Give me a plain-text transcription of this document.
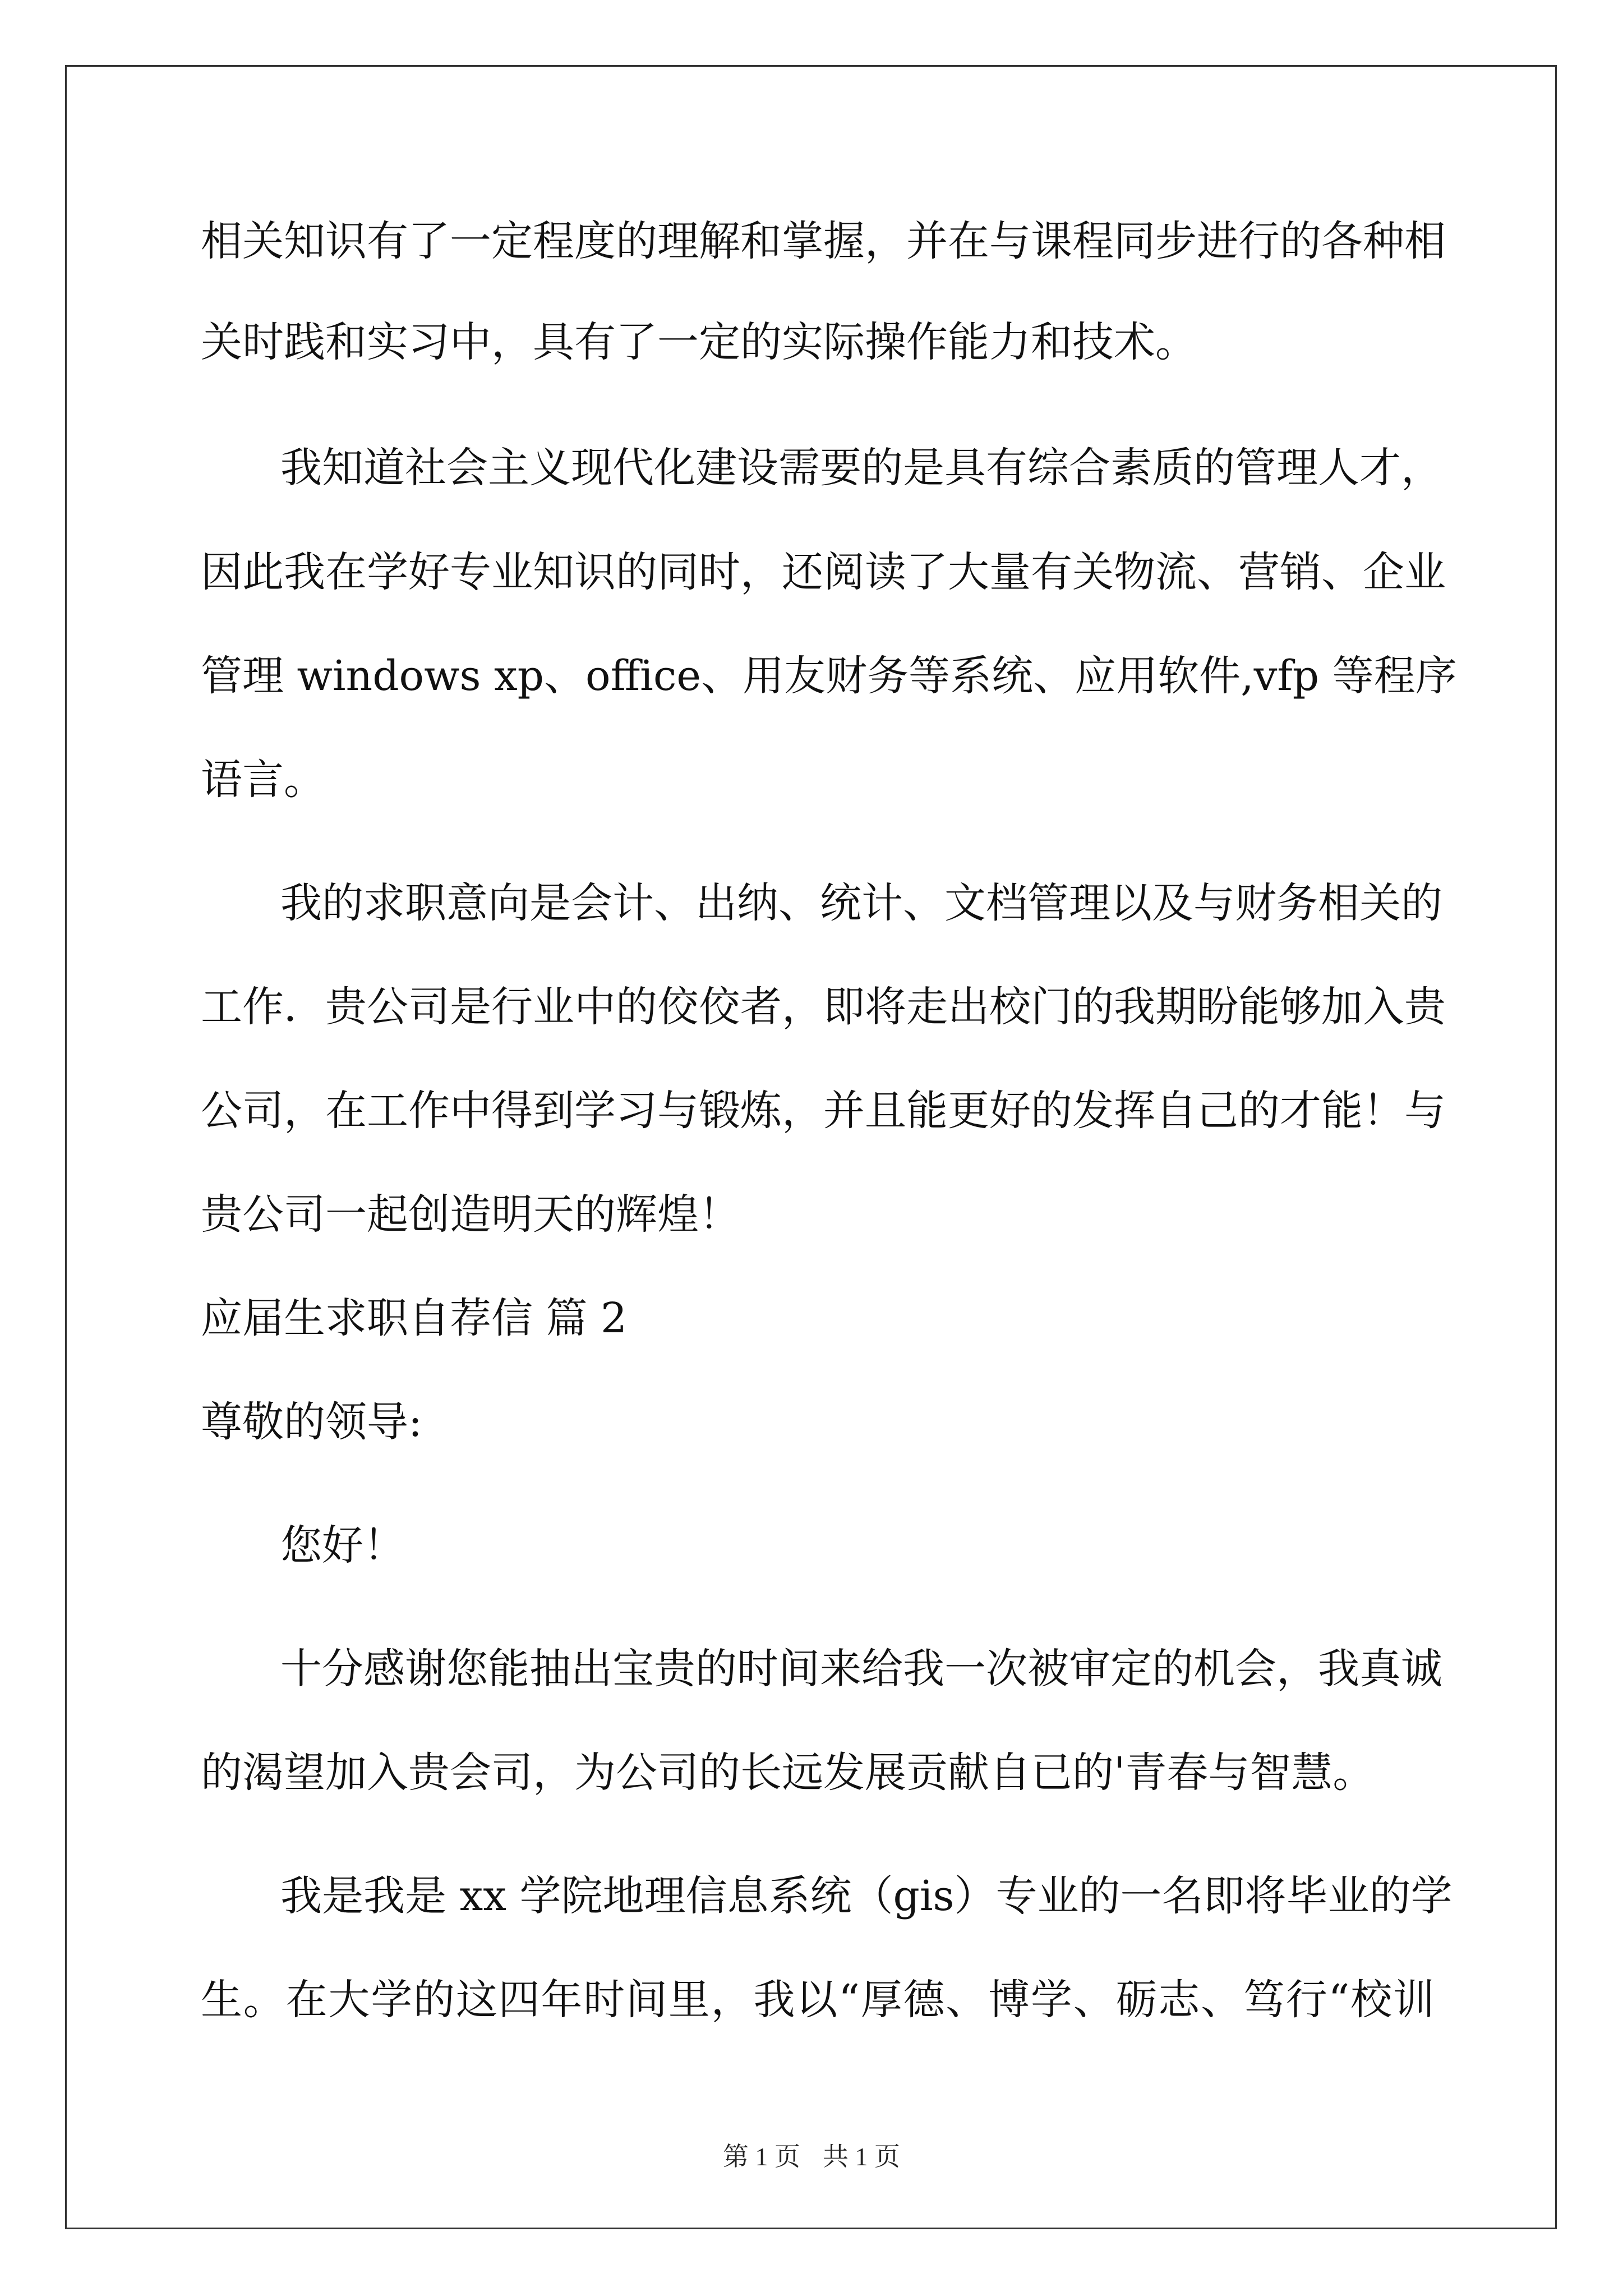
相关知识有了一定程度的理解和掌握，并在与课程同步进行的各种相
关时践和实习中，具有了一定的实际操作能力和技术。
我知道社会主义现代化建设需要的是具有综合素质的管理人才，
因此我在学好专业知识的同时，还阅读了大量有关物流、营销、企业
管理 windows xp、office、用友财务等系统、应用软件,vfp 等程序
语言。
我的求职意向是会计、出纳、统计、文档管理以及与财务相关的
工作．贵公司是行业中的佼佼者，即将走出校门的我期盼能够加入贵
公司，在工作中得到学习与锻炼，并且能更好的发挥自己的才能！与
贵公司一起创造明天的辉煌！
应届生求职自荐信 篇 2
尊敬的领导:
您好！
十分感谢您能抽出宝贵的时间来给我一次被审定的机会，我真诚
的渴望加入贵会司，为公司的长远发展贡献自已的'青春与智慧。
我是我是 xx 学院地理信息系统（gis）专业的一名即将毕业的学
生。在大学的这四年时间里，我以“厚德、博学、砺志、笃行“校训
第 1 页 共 1 页
